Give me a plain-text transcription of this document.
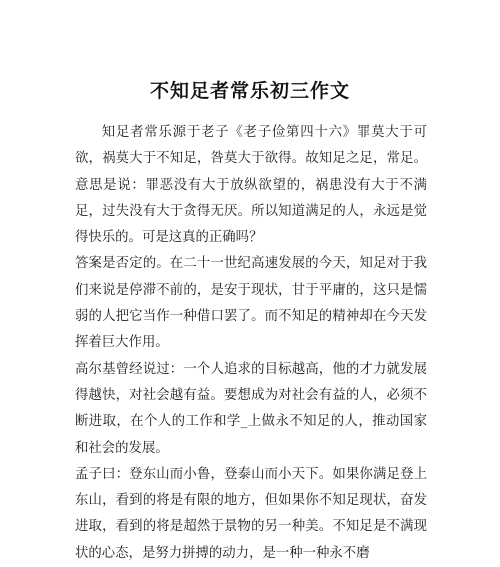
不知足者常乐初三作文

知足者常乐源于老子《老子俭第四十六》罪莫大于可欲，祸莫大于不知足，咎莫大于欲得。故知足之足，常足。意思是说：罪恶没有大于放纵欲望的，祸患没有大于不满足，过失没有大于贪得无厌。所以知道满足的人，永远是觉得快乐的。可是这真的正确吗？

答案是否定的。在二十一世纪高速发展的今天，知足对于我们来说是停滞不前的，是安于现状，甘于平庸的，这只是懦弱的人把它当作一种借口罢了。而不知足的精神却在今天发挥着巨大作用。

高尔基曾经说过：一个人追求的目标越高，他的才力就发展得越快，对社会越有益。要想成为对社会有益的人，必须不断进取，在个人的工作和学_上做永不知足的人，推动国家和社会的发展。

孟子曰：登东山而小鲁，登泰山而小天下。如果你满足登上东山，看到的将是有限的地方，但如果你不知足现状，奋发进取，看到的将是超然于景物的另一种美。不知足是不满现状的心态，是努力拼搏的动力，是一种一种永不磨
